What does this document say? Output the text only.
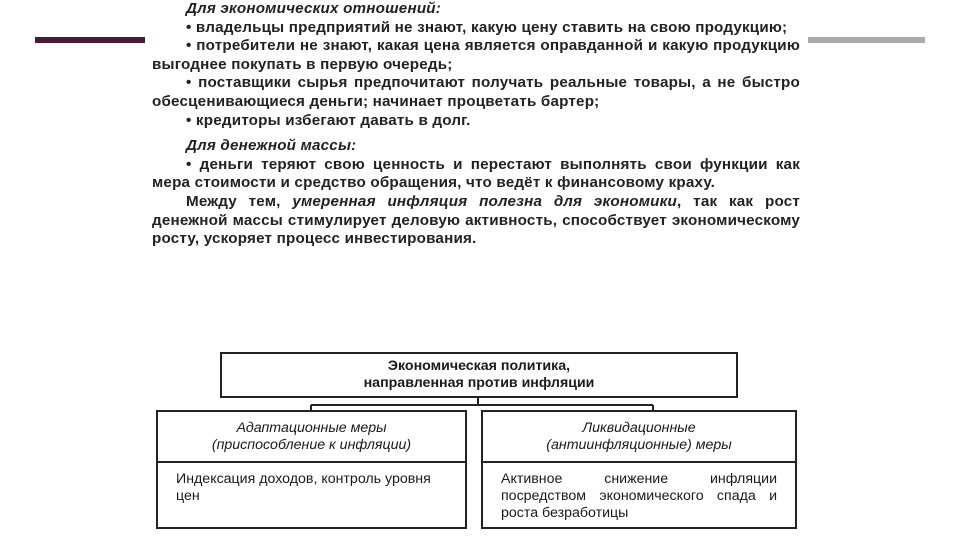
Для экономических отношений:

• владельцы предприятий не знают, какую цену ставить на свою продукцию;

• потребители не знают, какая цена является оправданной и какую продукцию выгоднее покупать в первую очередь;

• поставщики сырья предпочитают получать реальные товары, а не быстро обесценивающиеся деньги; начинает процветать бартер;

• кредиторы избегают давать в долг.

Для денежной массы:

• деньги теряют свою ценность и перестают выполнять свои функции как мера стоимости и средство обращения, что ведёт к финансовому краху.

Между тем, умеренная инфляция полезна для экономики, так как рост денежной массы стимулирует деловую активность, способствует экономическому росту, ускоряет процесс инвестирования.

Экономическая политика,
направленная против инфляции
Адаптационные меры
(приспособление к инфляции)
Ликвидационные
(антиинфляционные) меры
Индексация доходов, контроль уровня цен
Активное снижение инфляции посредством экономического спада и роста безработицы
